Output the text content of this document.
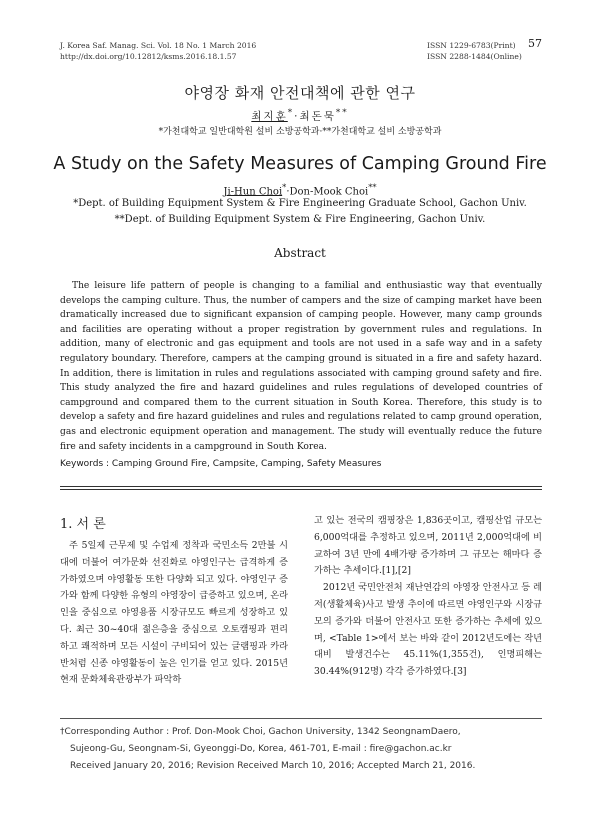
J. Korea Saf. Manag. Sci. Vol. 18 No. 1 March 2016
http://dx.doi.org/10.12812/ksms.2016.18.1.57
ISSN 1229-6783(Print)
ISSN 2288-1484(Online)
57
야영장 화재 안전대책에 관한 연구
최지훈*·최돈묵**
*가천대학교 일반대학원 설비 소방공학과·**가천대학교 설비 소방공학과
A Study on the Safety Measures of Camping Ground Fire
Ji-Hun Choi*·Don-Mook Choi**
*Dept. of Building Equipment System & Fire Engineering Graduate School, Gachon Univ.
**Dept. of Building Equipment System & Fire Engineering, Gachon Univ.
Abstract

The leisure life pattern of people is changing to a familial and enthusiastic way that eventually develops the camping culture. Thus, the number of campers and the size of camping market have been dramatically increased due to significant expansion of camping people. However, many camp grounds and facilities are operating without a proper registration by government rules and regulations. In addition, many of electronic and gas equipment and tools are not used in a safe way and in a safety regulatory boundary. Therefore, campers at the camping ground is situated in a fire and safety hazard. In addition, there is limitation in rules and regulations associated with camping ground safety and fire. This study analyzed the fire and hazard guidelines and rules regulations of developed countries of campground and compared them to the current situation in South Korea. Therefore, this study is to develop a safety and fire hazard guidelines and rules and regulations related to camp ground operation, gas and electronic equipment operation and management. The study will eventually reduce the future fire and safety incidents in a campground in South Korea.

Keywords : Camping Ground Fire, Campsite, Camping, Safety Measures
1. 서 론

주 5일제 근무제 및 수업제 정착과 국민소득 2만불 시대에 더불어 여가문화 선진화로 야영인구는 급격하게 증가하였으며 야영활동 또한 다양화 되고 있다. 야영인구 증가와 함께 다양한 유형의 야영장이 급증하고 있으며, 온라인을 중심으로 야영용품 시장규모도 빠르게 성장하고 있다. 최근 30~40대 젊은층을 중심으로 오토캠핑과 편리하고 쾌적하며 모든 시설이 구비되어 있는 글램핑과 카라반처럼 신종 야영활동이 높은 인기를 얻고 있다. 2015년 현재 문화체육관광부가 파악하

고 있는 전국의 캠핑장은 1,836곳이고, 캠핑산업 규모는 6,000억대를 추정하고 있으며, 2011년 2,000억대에 비교하여 3년 만에 4배가량 증가하며 그 규모는 해마다 증가하는 추세이다.[1],[2]

2012년 국민안전처 재난연감의 야영장 안전사고 등 레저(생활체육)사고 발생 추이에 따르면 야영인구와 시장규모의 증가와 더불어 안전사고 또한 증가하는 추세에 있으며, <Table 1>에서 보는 바와 같이 2012년도에는 작년 대비 발생건수는 45.11%(1,355건), 인명피해는 30.44%(912명) 각각 증가하였다.[3]

†Corresponding Author : Prof. Don-Mook Choi, Gachon University, 1342 SeongnamDaero,

Sujeong-Gu, Seongnam-Si, Gyeonggi-Do, Korea, 461-701, E-mail : fire@gachon.ac.kr

Received January 20, 2016; Revision Received March 10, 2016; Accepted March 21, 2016.
